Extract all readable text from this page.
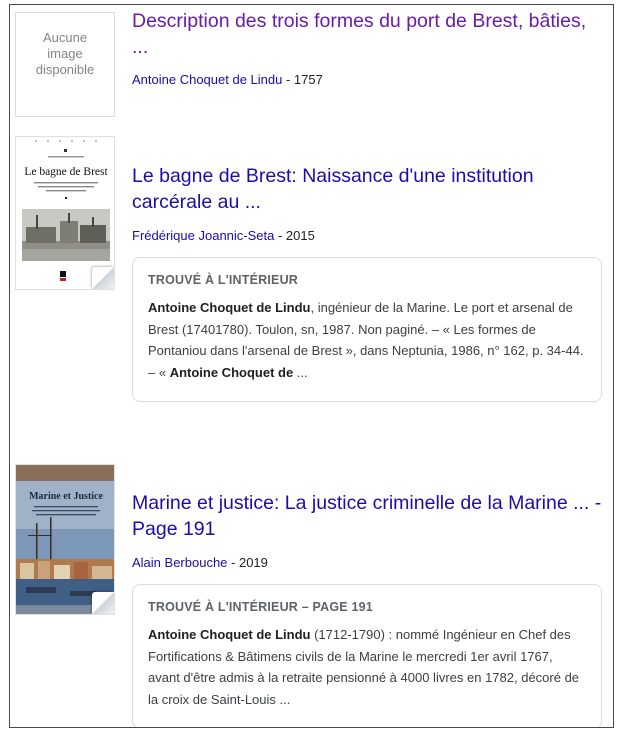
Aucune
image
disponible
Description des trois formes du port de Brest, bâties, ...
Antoine Choquet de Lindu - 1757
Le bagne de Brest Le bagne de Brest: Naissance d'une institution carcérale au ...
Frédérique Joannic-Seta - 2015
TROUVÉ À L'INTÉRIEUR
Antoine Choquet de Lindu, ingénieur de la Marine. Le port et arsenal de Brest (17401780). Toulon, sn, 1987. Non paginé. – « Les formes de Pontaniou dans l'arsenal de Brest », dans Neptunia, 1986, n° 162, p. 34-44. – « Antoine Choquet de ...
Marine et Justice Marine et justice: La justice criminelle de la Marine ... - Page 191
Alain Berbouche - 2019
TROUVÉ À L'INTÉRIEUR – PAGE 191
Antoine Choquet de Lindu (1712-1790) : nommé Ingénieur en Chef des Fortifications & Bâtimens civils de la Marine le mercredi 1er avril 1767, avant d'être admis à la retraite pensionné à 4000 livres en 1782, décoré de la croix de Saint-Louis ...
